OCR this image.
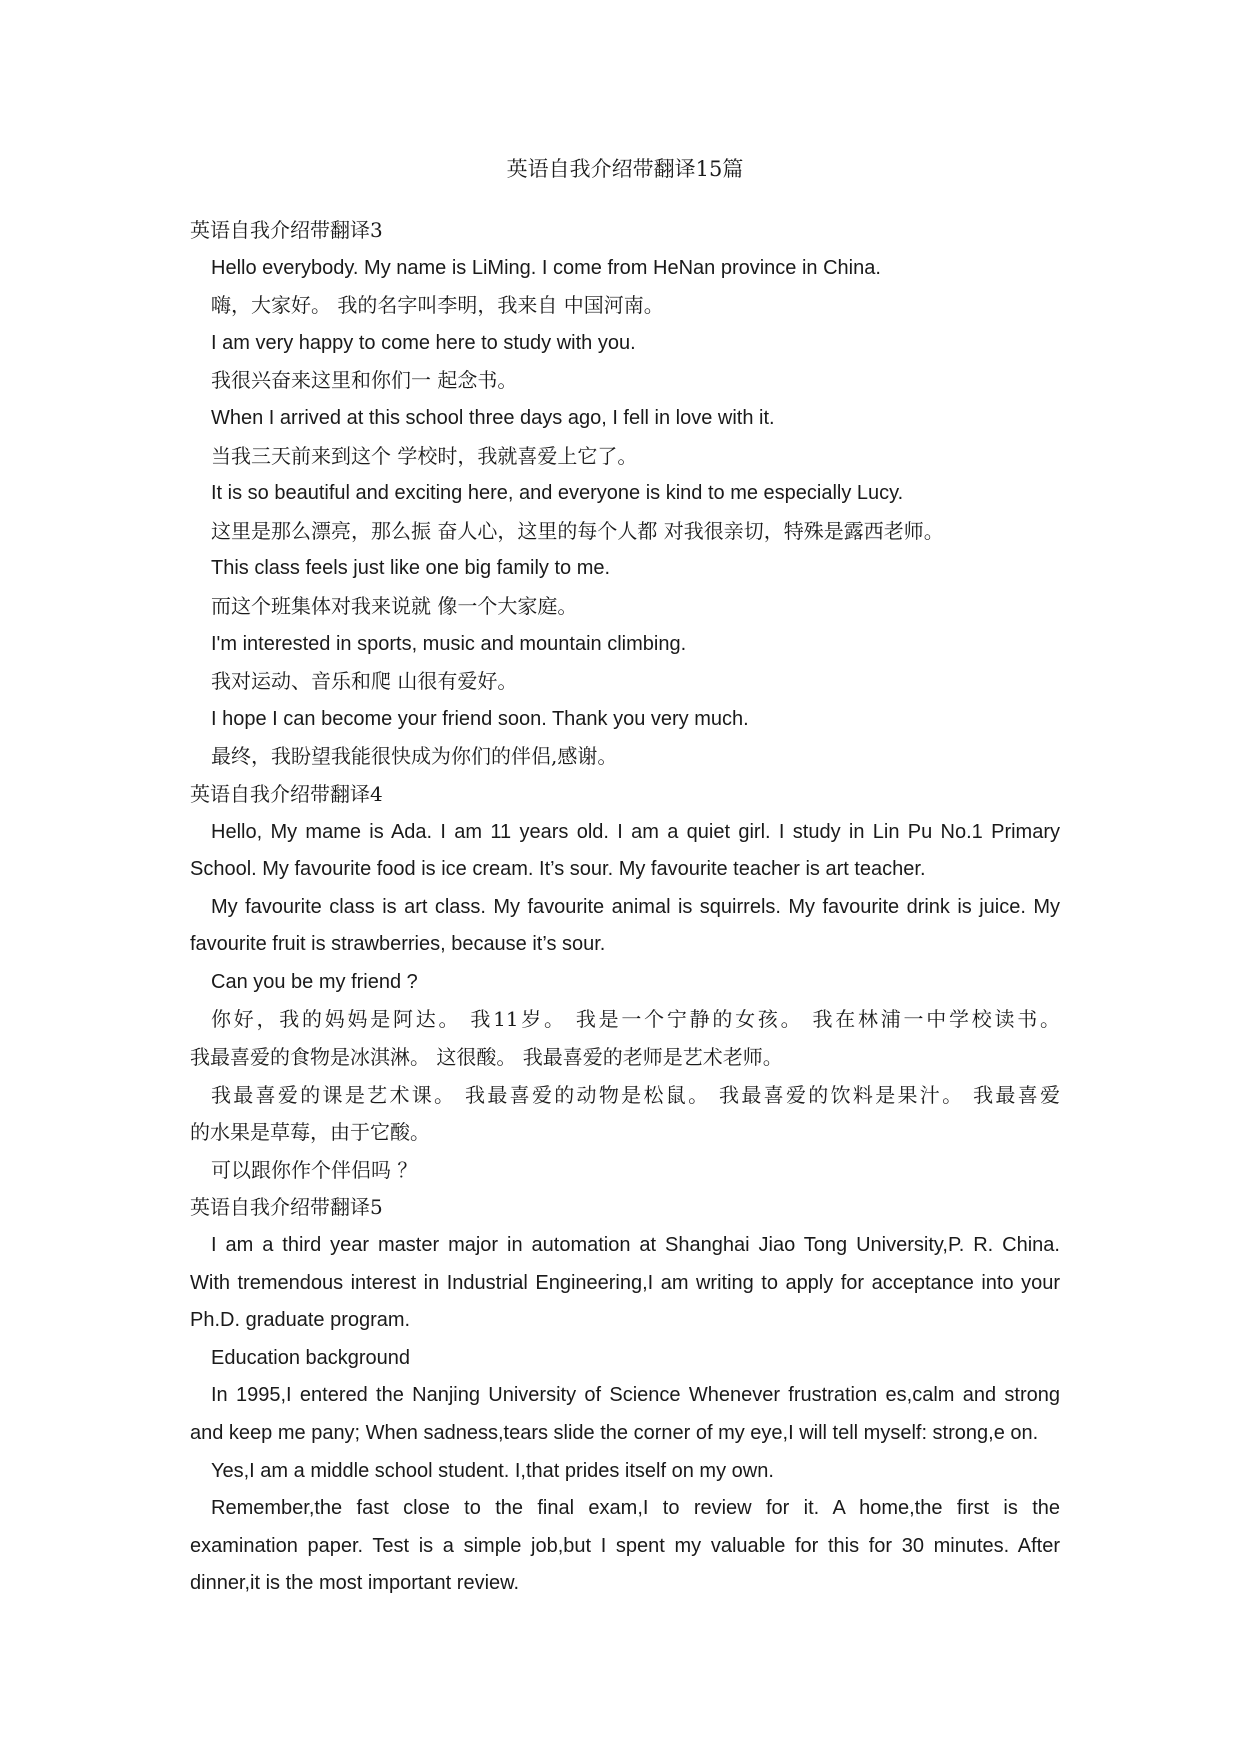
英语自我介绍带翻译15篇
英语自我介绍带翻译3
Hello everybody. My name is LiMing. I come from HeNan province in China.
嗨，大家好。 我的名字叫李明，我来自 中国河南。
I am very happy to come here to study with you.
我很兴奋来这里和你们一 起念书。
When I arrived at this school three days ago, I fell in love with it.
当我三天前来到这个 学校时，我就喜爱上它了。
It is so beautiful and exciting here, and everyone is kind to me especially Lucy.
这里是那么漂亮，那么振 奋人心，这里的每个人都 对我很亲切，特殊是露西老师。
This class feels just like one big family to me.
而这个班集体对我来说就 像一个大家庭。
I'm interested in sports, music and mountain climbing.
我对运动、音乐和爬 山很有爱好。
I hope I can become your friend soon. Thank you very much.
最终，我盼望我能很快成为你们的伴侣,感谢。
英语自我介绍带翻译4
Hello, My mame is Ada. I am 11 years old. I am a quiet girl. I study in Lin Pu No.1 Primary
School. My favourite food is ice cream. It’s sour. My favourite teacher is art teacher.
My favourite class is art class. My favourite animal is squirrels. My favourite drink is juice. My
favourite fruit is strawberries, because it’s sour.
Can you be my friend ?
你好，我的妈妈是阿达。 我11岁。 我是一个宁静的女孩。 我在林浦一中学校读书。
我最喜爱的食物是冰淇淋。 这很酸。 我最喜爱的老师是艺术老师。
我最喜爱的课是艺术课。 我最喜爱的动物是松鼠。 我最喜爱的饮料是果汁。 我最喜爱
的水果是草莓，由于它酸。
可以跟你作个伴侣吗 ？
英语自我介绍带翻译5
I am a third year master major in automation at Shanghai Jiao Tong University,P. R. China.
With tremendous interest in Industrial Engineering,I am writing to apply for acceptance into your
Ph.D. graduate program.
Education background
In 1995,I entered the Nanjing University of Science Whenever frustration es,calm and strong
and keep me pany; When sadness,tears slide the corner of my eye,I will tell myself: strong,e on.
Yes,I am a middle school student. I,that prides itself on my own.
Remember,the fast close to the final exam,I to review for it. A home,the first is the
examination paper. Test is a simple job,but I spent my valuable for this for 30 minutes. After
dinner,it is the most important review.
